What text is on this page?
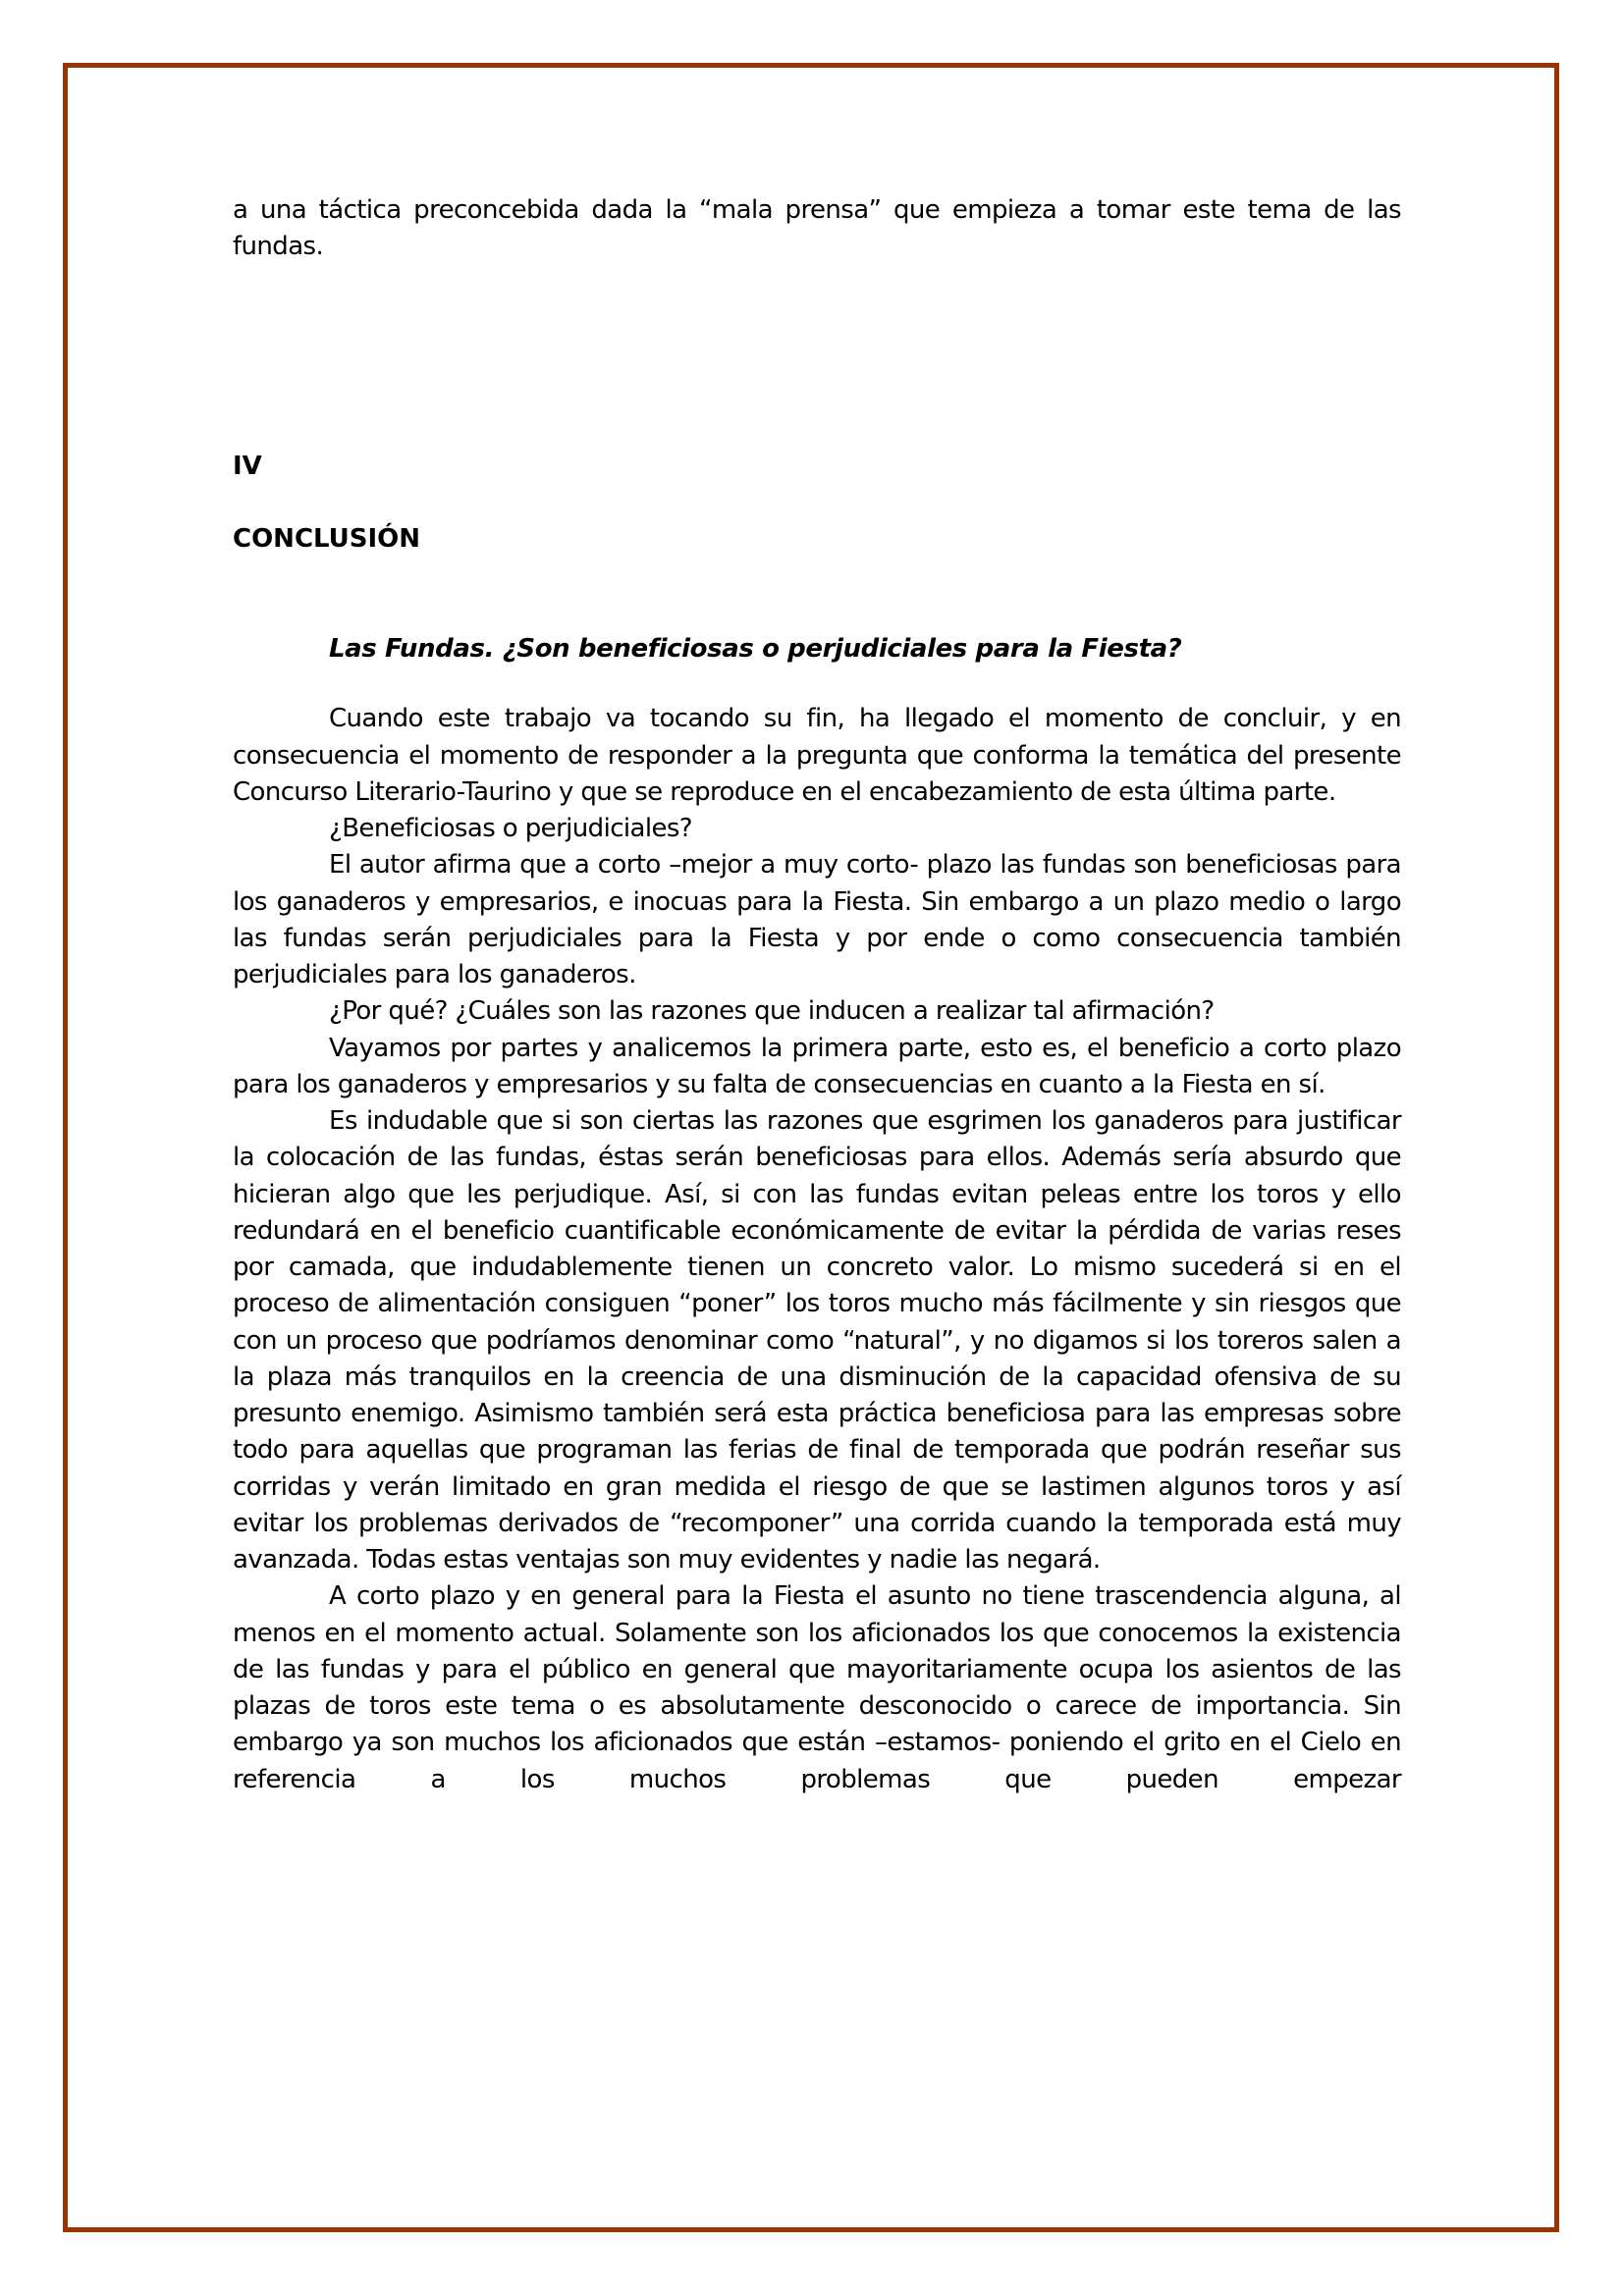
a una táctica preconcebida dada la “mala prensa” que empieza a tomar este tema de las fundas.

IV

CONCLUSIÓN

Las Fundas. ¿Son beneficiosas o perjudiciales para la Fiesta?

Cuando este trabajo va tocando su fin, ha llegado el momento de concluir, y en consecuencia el momento de responder a la pregunta que conforma la temática del presente Concurso Literario-Taurino y que se reproduce en el encabezamiento de esta última parte.

¿Beneficiosas o perjudiciales?

El autor afirma que a corto –mejor a muy corto- plazo las fundas son beneficiosas para los ganaderos y empresarios, e inocuas para la Fiesta. Sin embargo a un plazo medio o largo las fundas serán perjudiciales para la Fiesta y por ende o como consecuencia también perjudiciales para los ganaderos.

¿Por qué? ¿Cuáles son las razones que inducen a realizar tal afirmación?

Vayamos por partes y analicemos la primera parte, esto es, el beneficio a corto plazo para los ganaderos y empresarios y su falta de consecuencias en cuanto a la Fiesta en sí.

Es indudable que si son ciertas las razones que esgrimen los ganaderos para justificar la colocación de las fundas, éstas serán beneficiosas para ellos. Además sería absurdo que hicieran algo que les perjudique. Así, si con las fundas evitan peleas entre los toros y ello redundará en el beneficio cuantificable económicamente de evitar la pérdida de varias reses por camada, que indudablemente tienen un concreto valor. Lo mismo sucederá si en el proceso de alimentación consiguen “poner” los toros mucho más fácilmente y sin riesgos que con un proceso que podríamos denominar como “natural”, y no digamos si los toreros salen a la plaza más tranquilos en la creencia de una disminución de la capacidad ofensiva de su presunto enemigo. Asimismo también será esta práctica beneficiosa para las empresas sobre todo para aquellas que programan las ferias de final de temporada que podrán reseñar sus corridas y verán limitado en gran medida el riesgo de que se lastimen algunos toros y así evitar los problemas derivados de “recomponer” una corrida cuando la temporada está muy avanzada. Todas estas ventajas son muy evidentes y nadie las negará.

A corto plazo y en general para la Fiesta el asunto no tiene trascendencia alguna, al menos en el momento actual. Solamente son los aficionados los que conocemos la existencia de las fundas y para el público en general que mayoritariamente ocupa los asientos de las plazas de toros este tema o es absolutamente desconocido o carece de importancia. Sin embargo ya son muchos los aficionados que están –estamos- poniendo el grito en el Cielo en referencia a los muchos problemas que pueden empezar
